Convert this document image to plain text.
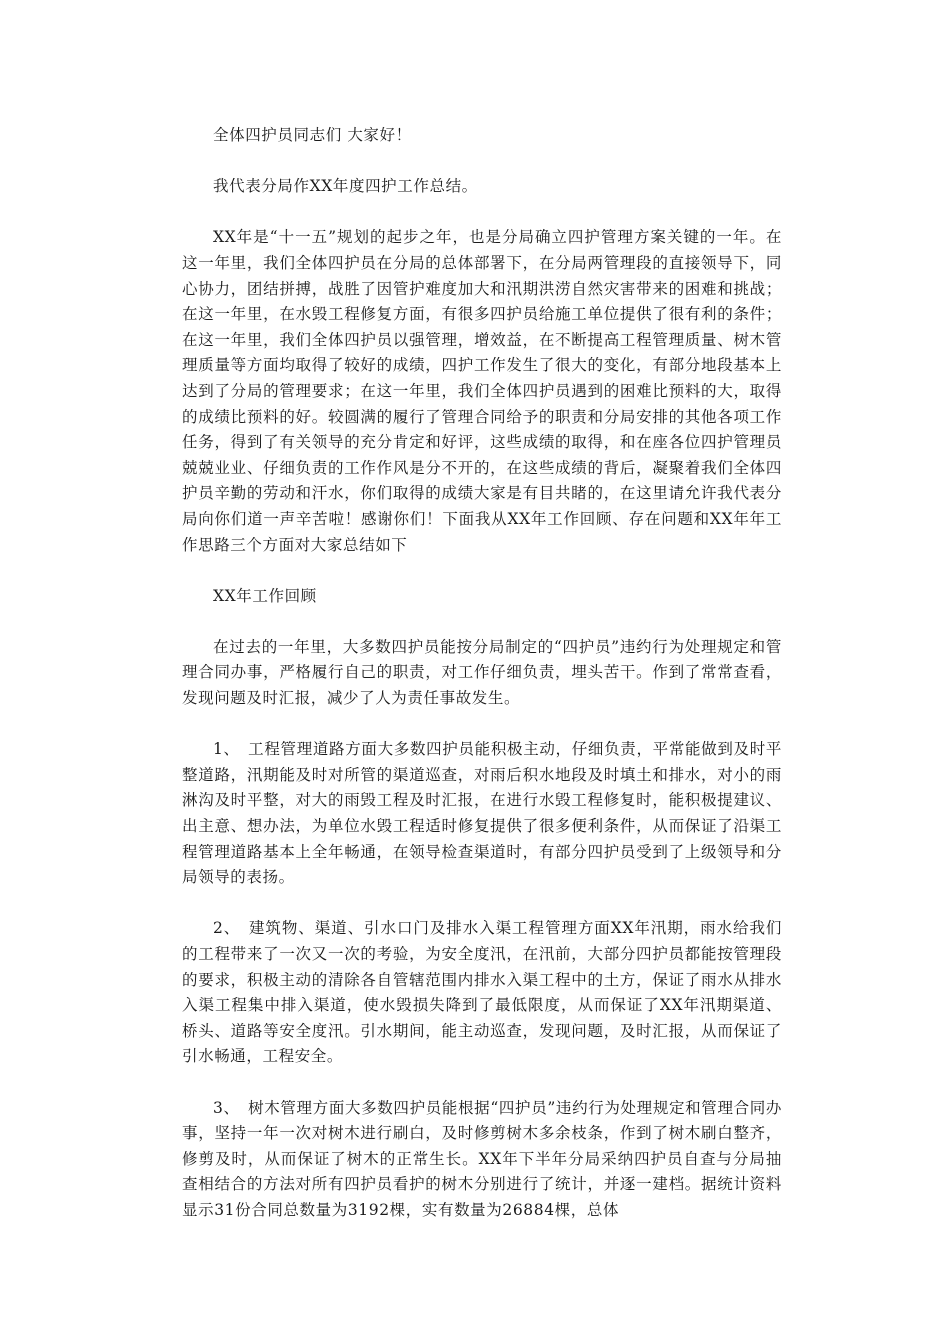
全体四护员同志们 大家好！

我代表分局作XX年度四护工作总结。

XX年是“十一五”规划的起步之年，也是分局确立四护管理方案关键的一年。在这一年里，我们全体四护员在分局的总体部署下，在分局两管理段的直接领导下，同心协力，团结拼搏，战胜了因管护难度加大和汛期洪涝自然灾害带来的困难和挑战；在这一年里，在水毁工程修复方面，有很多四护员给施工单位提供了很有利的条件；在这一年里，我们全体四护员以强管理，增效益，在不断提高工程管理质量、树木管理质量等方面均取得了较好的成绩，四护工作发生了很大的变化，有部分地段基本上达到了分局的管理要求；在这一年里，我们全体四护员遇到的困难比预料的大，取得的成绩比预料的好。较圆满的履行了管理合同给予的职责和分局安排的其他各项工作任务，得到了有关领导的充分肯定和好评，这些成绩的取得，和在座各位四护管理员兢兢业业、仔细负责的工作作风是分不开的，在这些成绩的背后，凝聚着我们全体四护员辛勤的劳动和汗水，你们取得的成绩大家是有目共睹的，在这里请允许我代表分局向你们道一声辛苦啦！感谢你们！下面我从XX年工作回顾、存在问题和XX年年工作思路三个方面对大家总结如下

XX年工作回顾

在过去的一年里，大多数四护员能按分局制定的“四护员”违约行为处理规定和管理合同办事，严格履行自己的职责，对工作仔细负责，埋头苦干。作到了常常查看，发现问题及时汇报，减少了人为责任事故发生。

1、　工程管理道路方面大多数四护员能积极主动，仔细负责，平常能做到及时平整道路，汛期能及时对所管的渠道巡查，对雨后积水地段及时填土和排水，对小的雨淋沟及时平整，对大的雨毁工程及时汇报，在进行水毁工程修复时，能积极提建议、出主意、想办法，为单位水毁工程适时修复提供了很多便利条件，从而保证了沿渠工程管理道路基本上全年畅通，在领导检查渠道时，有部分四护员受到了上级领导和分局领导的表扬。

2、　建筑物、渠道、引水口门及排水入渠工程管理方面XX年汛期，雨水给我们的工程带来了一次又一次的考验，为安全度汛，在汛前，大部分四护员都能按管理段的要求，积极主动的清除各自管辖范围内排水入渠工程中的土方，保证了雨水从排水入渠工程集中排入渠道，使水毁损失降到了最低限度，从而保证了XX年汛期渠道、桥头、道路等安全度汛。引水期间，能主动巡查，发现问题，及时汇报，从而保证了引水畅通，工程安全。

3、　树木管理方面大多数四护员能根据“四护员”违约行为处理规定和管理合同办事，坚持一年一次对树木进行刷白，及时修剪树木多余枝条，作到了树木刷白整齐，修剪及时，从而保证了树木的正常生长。XX年下半年分局采纳四护员自查与分局抽查相结合的方法对所有四护员看护的树木分别进行了统计，并逐一建档。据统计资料显示31份合同总数量为3192棵，实有数量为26884棵，总体
